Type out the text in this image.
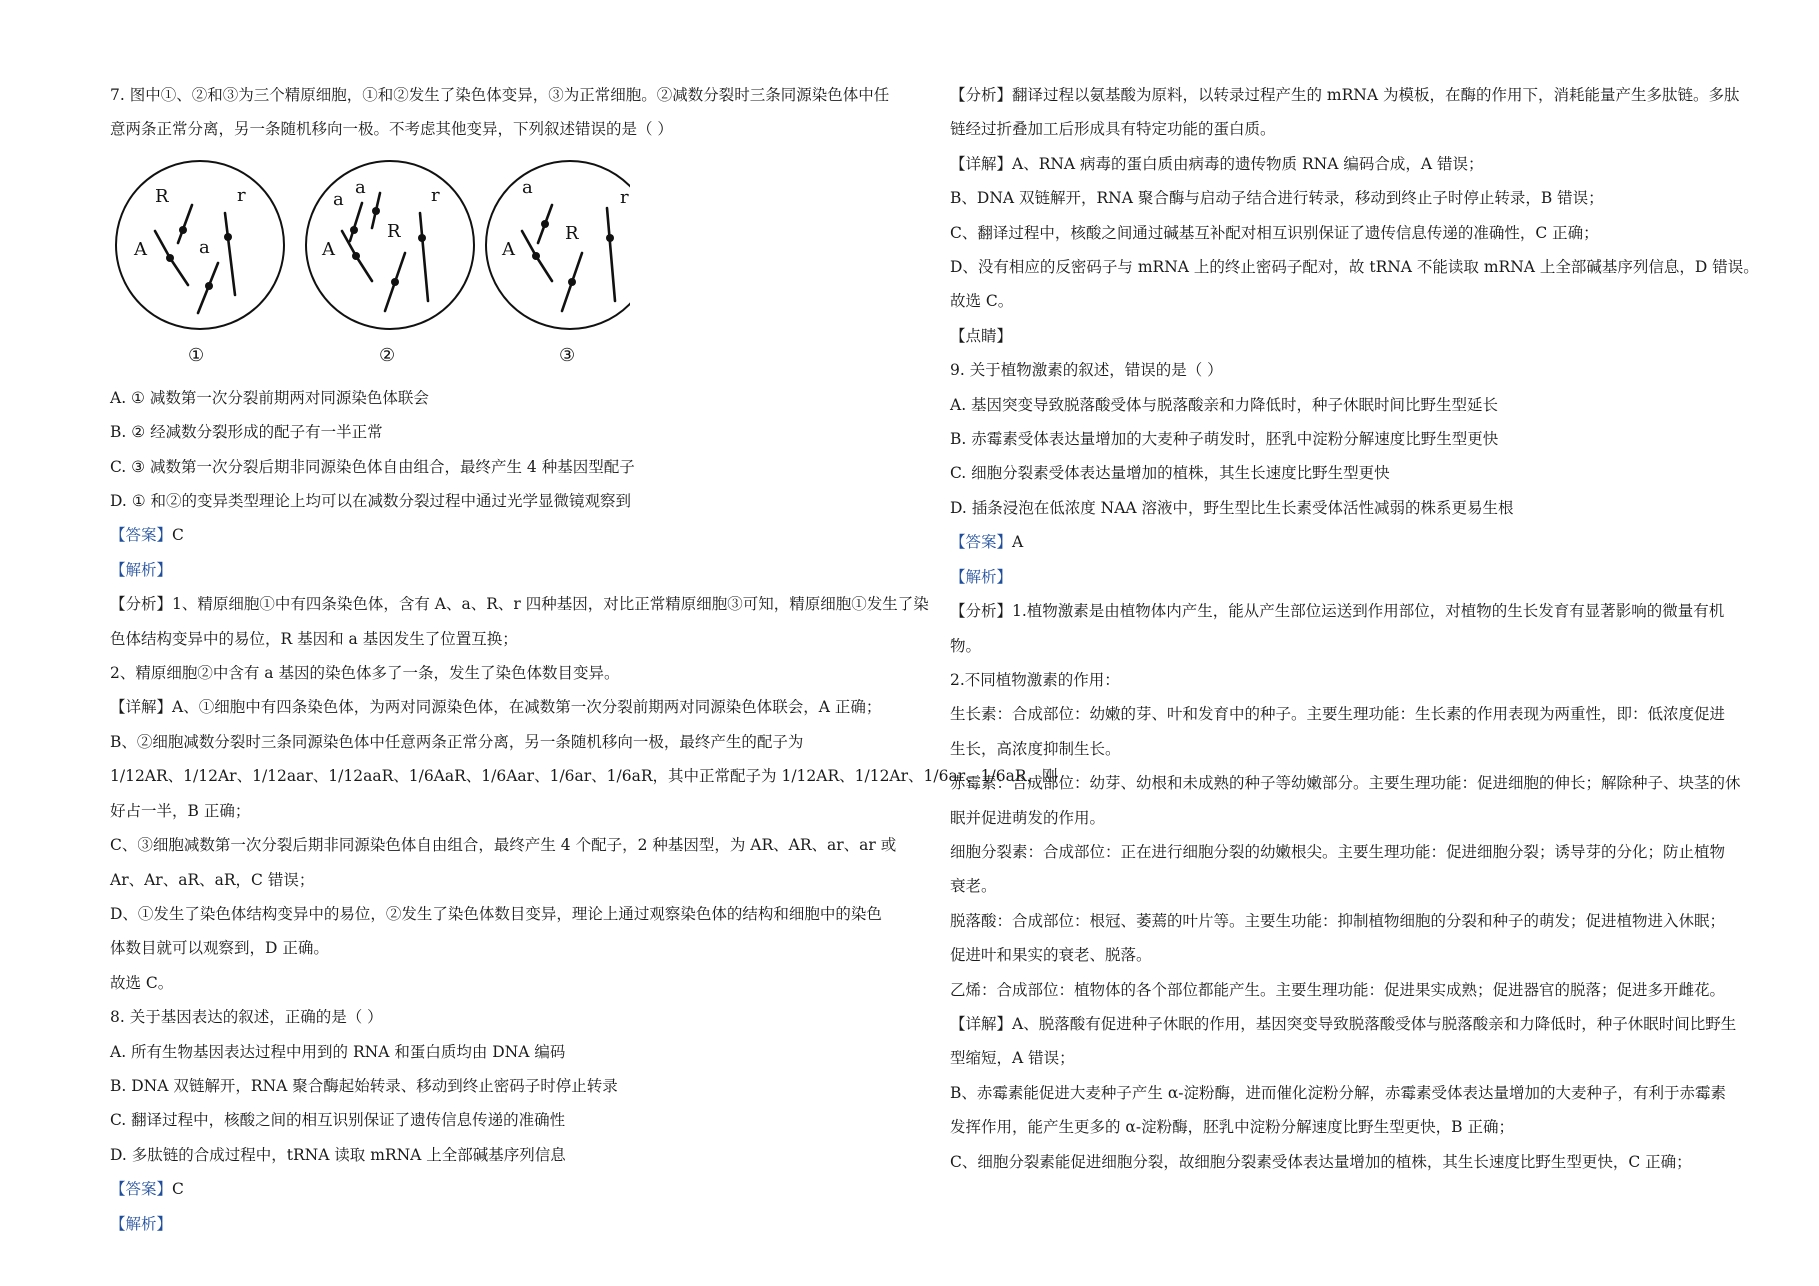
7. 图中①、②和③为三个精原细胞，①和②发生了染色体变异，③为正常细胞。②减数分裂时三条同源染色体中任
意两条正常分离，另一条随机移向一极。不考虑其他变异，下列叙述错误的是（ ）
R
a
r
A
a
a
R
r
A
a
R
r
A
①	②	③
A. ① 减数第一次分裂前期两对同源染色体联会
B. ② 经减数分裂形成的配子有一半正常
C. ③ 减数第一次分裂后期非同源染色体自由组合，最终产生 4 种基因型配子
D. ① 和②的变异类型理论上均可以在减数分裂过程中通过光学显微镜观察到
【答案】C
【解析】
【分析】1、精原细胞①中有四条染色体，含有 A、a、R、r 四种基因，对比正常精原细胞③可知，精原细胞①发生了染
色体结构变异中的易位，R 基因和 a 基因发生了位置互换；
2、精原细胞②中含有 a 基因的染色体多了一条，发生了染色体数目变异。
【详解】A、①细胞中有四条染色体，为两对同源染色体，在减数第一次分裂前期两对同源染色体联会，A 正确；
B、②细胞减数分裂时三条同源染色体中任意两条正常分离，另一条随机移向一极，最终产生的配子为
1/12AR、1/12Ar、1/12aar、1/12aaR、1/6AaR、1/6Aar、1/6ar、1/6aR，其中正常配子为 1/12AR、1/12Ar、1/6ar、1/6aR，刚
好占一半，B 正确；
C、③细胞减数第一次分裂后期非同源染色体自由组合，最终产生 4 个配子，2 种基因型，为 AR、AR、ar、ar 或
Ar、Ar、aR、aR，C 错误；
D、①发生了染色体结构变异中的易位，②发生了染色体数目变异，理论上通过观察染色体的结构和细胞中的染色
体数目就可以观察到，D 正确。
故选 C。
8. 关于基因表达的叙述，正确的是（ ）
A. 所有生物基因表达过程中用到的 RNA 和蛋白质均由 DNA 编码
B. DNA 双链解开，RNA 聚合酶起始转录、移动到终止密码子时停止转录
C. 翻译过程中，核酸之间的相互识别保证了遗传信息传递的准确性
D. 多肽链的合成过程中，tRNA 读取 mRNA 上全部碱基序列信息
【答案】C
【解析】
【分析】翻译过程以氨基酸为原料，以转录过程产生的 mRNA 为模板，在酶的作用下，消耗能量产生多肽链。多肽
链经过折叠加工后形成具有特定功能的蛋白质。
【详解】A、RNA 病毒的蛋白质由病毒的遗传物质 RNA 编码合成，A 错误；
B、DNA 双链解开，RNA 聚合酶与启动子结合进行转录，移动到终止子时停止转录，B 错误；
C、翻译过程中，核酸之间通过碱基互补配对相互识别保证了遗传信息传递的准确性，C 正确；
D、没有相应的反密码子与 mRNA 上的终止密码子配对，故 tRNA 不能读取 mRNA 上全部碱基序列信息，D 错误。
故选 C。
【点睛】
9. 关于植物激素的叙述，错误的是（ ）
A. 基因突变导致脱落酸受体与脱落酸亲和力降低时，种子休眠时间比野生型延长
B. 赤霉素受体表达量增加的大麦种子萌发时，胚乳中淀粉分解速度比野生型更快
C. 细胞分裂素受体表达量增加的植株，其生长速度比野生型更快
D. 插条浸泡在低浓度 NAA 溶液中，野生型比生长素受体活性减弱的株系更易生根
【答案】A
【解析】
【分析】1.植物激素是由植物体内产生，能从产生部位运送到作用部位，对植物的生长发育有显著影响的微量有机
物。
2.不同植物激素的作用：
生长素：合成部位：幼嫩的芽、叶和发育中的种子。主要生理功能：生长素的作用表现为两重性，即：低浓度促进
生长，高浓度抑制生长。
赤霉素：合成部位：幼芽、幼根和未成熟的种子等幼嫩部分。主要生理功能：促进细胞的伸长；解除种子、块茎的休
眠并促进萌发的作用。
细胞分裂素：合成部位：正在进行细胞分裂的幼嫩根尖。主要生理功能：促进细胞分裂；诱导芽的分化；防止植物
衰老。
脱落酸：合成部位：根冠、萎蔫的叶片等。主要生功能：抑制植物细胞的分裂和种子的萌发；促进植物进入休眠；
促进叶和果实的衰老、脱落。
乙烯：合成部位：植物体的各个部位都能产生。主要生理功能：促进果实成熟；促进器官的脱落；促进多开雌花。
【详解】A、脱落酸有促进种子休眠的作用，基因突变导致脱落酸受体与脱落酸亲和力降低时，种子休眠时间比野生
型缩短，A 错误；
B、赤霉素能促进大麦种子产生 α-淀粉酶，进而催化淀粉分解，赤霉素受体表达量增加的大麦种子，有利于赤霉素
发挥作用，能产生更多的 α-淀粉酶，胚乳中淀粉分解速度比野生型更快，B 正确；
C、细胞分裂素能促进细胞分裂，故细胞分裂素受体表达量增加的植株，其生长速度比野生型更快，C 正确；
